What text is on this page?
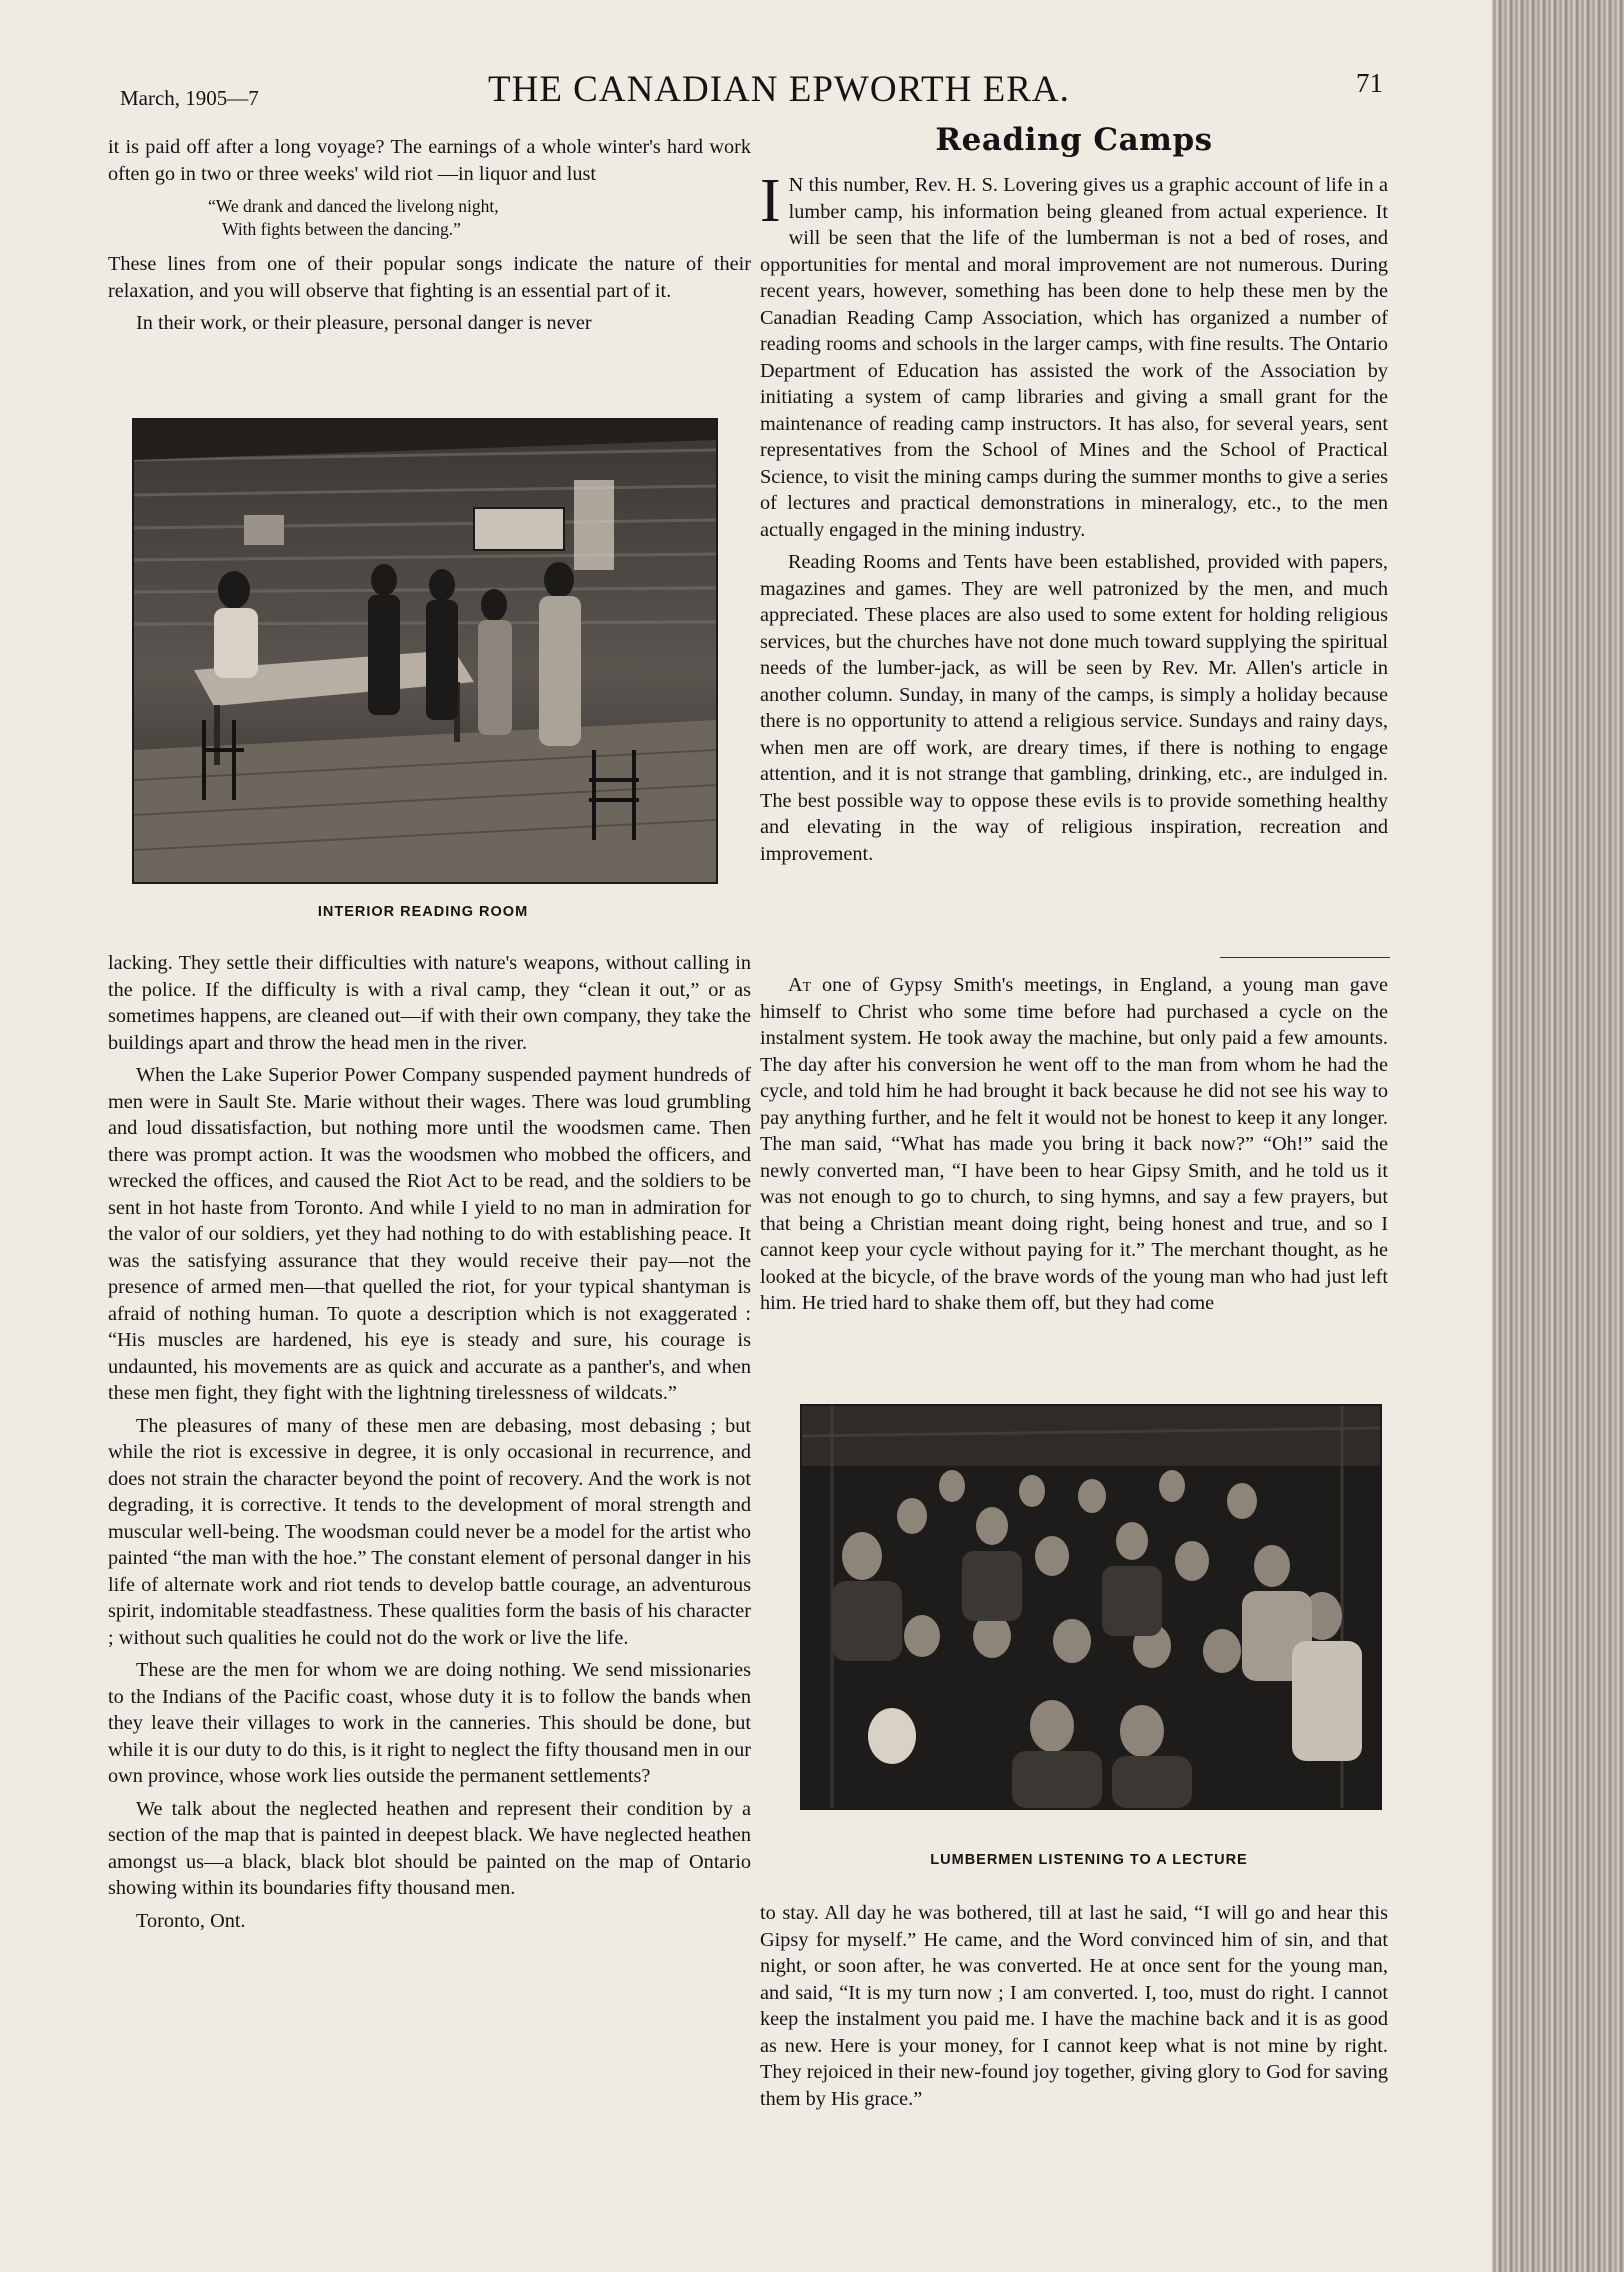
March, 1905—7	THE CANADIAN EPWORTH ERA.	71

it is paid off after a long voyage? The earnings of a whole winter's hard work often go in two or three weeks' wild riot —in liquor and lust

“We drank and danced the livelong night,
With fights between the dancing.”

These lines from one of their popular songs indicate the nature of their relaxation, and you will observe that fighting is an essential part of it.

In their work, or their pleasure, personal danger is never

INTERIOR READING ROOM

lacking. They settle their difficulties with nature's weapons, without calling in the police. If the difficulty is with a rival camp, they “clean it out,” or as sometimes happens, are cleaned out—if with their own company, they take the buildings apart and throw the head men in the river.

When the Lake Superior Power Company suspended payment hundreds of men were in Sault Ste. Marie without their wages. There was loud grumbling and loud dissatisfaction, but nothing more until the woodsmen came. Then there was prompt action. It was the woodsmen who mobbed the officers, and wrecked the offices, and caused the Riot Act to be read, and the soldiers to be sent in hot haste from Toronto. And while I yield to no man in admiration for the valor of our soldiers, yet they had nothing to do with establishing peace. It was the satisfying assurance that they would receive their pay—not the presence of armed men—that quelled the riot, for your typical shantyman is afraid of nothing human. To quote a description which is not exaggerated : “His muscles are hardened, his eye is steady and sure, his courage is undaunted, his movements are as quick and accurate as a panther's, and when these men fight, they fight with the lightning tirelessness of wildcats.”

The pleasures of many of these men are debasing, most debasing ; but while the riot is excessive in degree, it is only occasional in recurrence, and does not strain the character beyond the point of recovery. And the work is not degrading, it is corrective. It tends to the development of moral strength and muscular well-being. The woodsman could never be a model for the artist who painted “the man with the hoe.” The constant element of personal danger in his life of alternate work and riot tends to develop battle courage, an adventurous spirit, indomitable steadfastness. These qualities form the basis of his character ; without such qualities he could not do the work or live the life.

These are the men for whom we are doing nothing. We send missionaries to the Indians of the Pacific coast, whose duty it is to follow the bands when they leave their villages to work in the canneries. This should be done, but while it is our duty to do this, is it right to neglect the fifty thousand men in our own province, whose work lies outside the permanent settlements?

We talk about the neglected heathen and represent their condition by a section of the map that is painted in deepest black. We have neglected heathen amongst us—a black, black blot should be painted on the map of Ontario showing within its boundaries fifty thousand men.

Toronto, Ont.

Reading Camps

I N this number, Rev. H. S. Lovering gives us a graphic account of life in a lumber camp, his information being gleaned from actual experience. It will be seen that the life of the lumberman is not a bed of roses, and opportunities for mental and moral improvement are not numerous. During recent years, however, something has been done to help these men by the Canadian Reading Camp Association, which has organized a number of reading rooms and schools in the larger camps, with fine results. The Ontario Department of Education has assisted the work of the Association by initiating a system of camp libraries and giving a small grant for the maintenance of reading camp instructors. It has also, for several years, sent representatives from the School of Mines and the School of Practical Science, to visit the mining camps during the summer months to give a series of lectures and practical demonstrations in mineralogy, etc., to the men actually engaged in the mining industry.

Reading Rooms and Tents have been established, provided with papers, magazines and games. They are well patronized by the men, and much appreciated. These places are also used to some extent for holding religious services, but the churches have not done much toward supplying the spiritual needs of the lumber-jack, as will be seen by Rev. Mr. Allen's article in another column. Sunday, in many of the camps, is simply a holiday because there is no opportunity to attend a religious service. Sundays and rainy days, when men are off work, are dreary times, if there is nothing to engage attention, and it is not strange that gambling, drinking, etc., are indulged in. The best possible way to oppose these evils is to provide something healthy and elevating in the way of religious inspiration, recreation and improvement.

At one of Gypsy Smith's meetings, in England, a young man gave himself to Christ who some time before had purchased a cycle on the instalment system. He took away the machine, but only paid a few amounts. The day after his conversion he went off to the man from whom he had the cycle, and told him he had brought it back because he did not see his way to pay anything further, and he felt it would not be honest to keep it any longer. The man said, “What has made you bring it back now?” “Oh!” said the newly converted man, “I have been to hear Gipsy Smith, and he told us it was not enough to go to church, to sing hymns, and say a few prayers, but that being a Christian meant doing right, being honest and true, and so I cannot keep your cycle without paying for it.” The merchant thought, as he looked at the bicycle, of the brave words of the young man who had just left him. He tried hard to shake them off, but they had come

LUMBERMEN LISTENING TO A LECTURE

to stay. All day he was bothered, till at last he said, “I will go and hear this Gipsy for myself.” He came, and the Word convinced him of sin, and that night, or soon after, he was converted. He at once sent for the young man, and said, “It is my turn now ; I am converted. I, too, must do right. I cannot keep the instalment you paid me. I have the machine back and it is as good as new. Here is your money, for I cannot keep what is not mine by right. They rejoiced in their new-found joy together, giving glory to God for saving them by His grace.”
